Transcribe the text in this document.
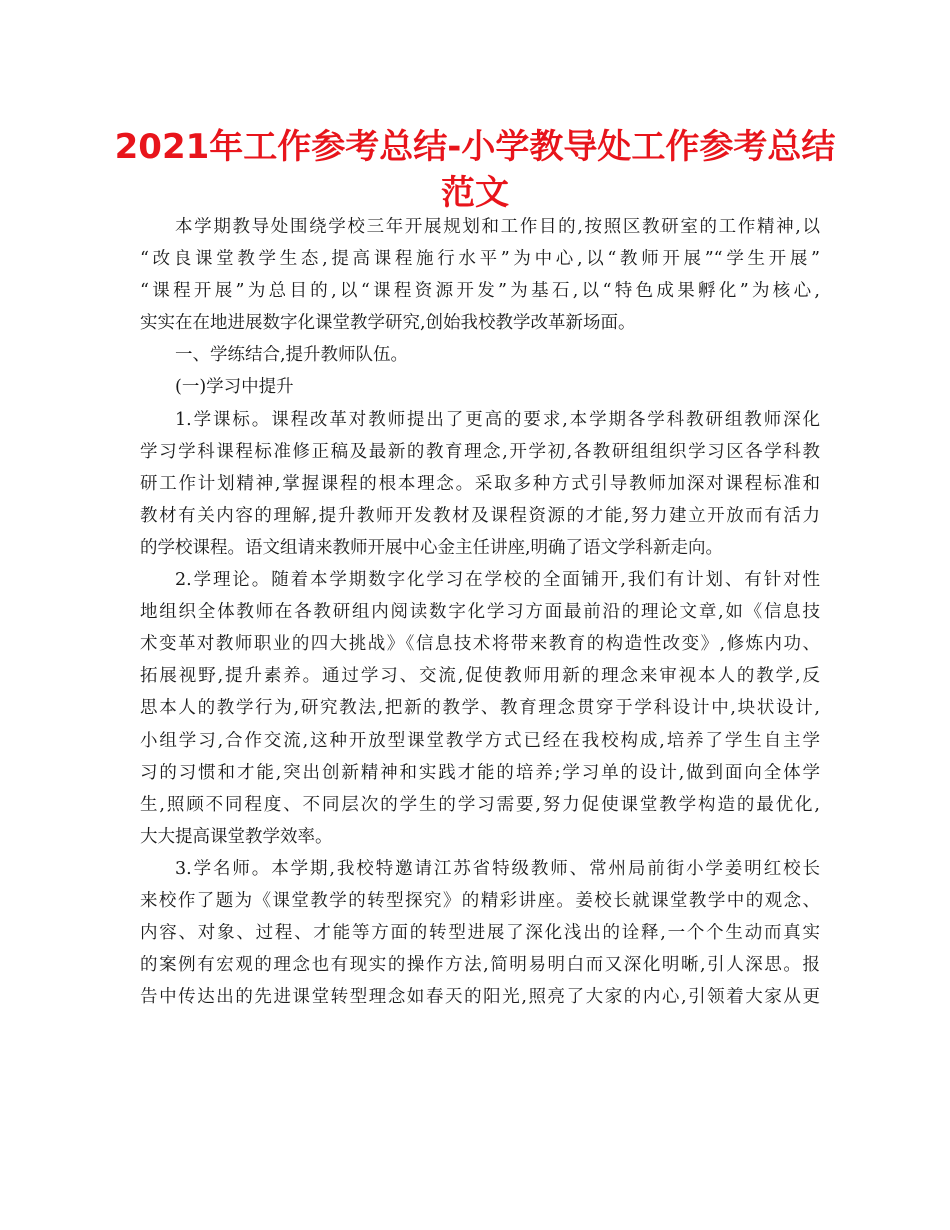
2021年工作参考总结-小学教导处工作参考总结
范文
本学期教导处围绕学校三年开展规划和工作目的,按照区教研室的工作精神,以
“改良课堂教学生态,提高课程施行水平”为中心,以“教师开展”“学生开展”
“课程开展”为总目的,以“课程资源开发”为基石,以“特色成果孵化”为核心,
实实在在地进展数字化课堂教学研究,创始我校教学改革新场面。
一、学练结合,提升教师队伍。
(一)学习中提升
1.学课标。课程改革对教师提出了更高的要求,本学期各学科教研组教师深化
学习学科课程标准修正稿及最新的教育理念,开学初,各教研组组织学习区各学科教
研工作计划精神,掌握课程的根本理念。采取多种方式引导教师加深对课程标准和
教材有关内容的理解,提升教师开发教材及课程资源的才能,努力建立开放而有活力
的学校课程。语文组请来教师开展中心金主任讲座,明确了语文学科新走向。
2.学理论。随着本学期数字化学习在学校的全面铺开,我们有计划、有针对性
地组织全体教师在各教研组内阅读数字化学习方面最前沿的理论文章,如《信息技
术变革对教师职业的四大挑战》《信息技术将带来教育的构造性改变》,修炼内功、
拓展视野,提升素养。通过学习、交流,促使教师用新的理念来审视本人的教学,反
思本人的教学行为,研究教法,把新的教学、教育理念贯穿于学科设计中,块状设计,
小组学习,合作交流,这种开放型课堂教学方式已经在我校构成,培养了学生自主学
习的习惯和才能,突出创新精神和实践才能的培养;学习单的设计,做到面向全体学
生,照顾不同程度、不同层次的学生的学习需要,努力促使课堂教学构造的最优化,
大大提高课堂教学效率。
3.学名师。本学期,我校特邀请江苏省特级教师、常州局前街小学姜明红校长
来校作了题为《课堂教学的转型探究》的精彩讲座。姜校长就课堂教学中的观念、
内容、对象、过程、才能等方面的转型进展了深化浅出的诠释,一个个生动而真实
的案例有宏观的理念也有现实的操作方法,简明易明白而又深化明晰,引人深思。报
告中传达出的先进课堂转型理念如春天的阳光,照亮了大家的内心,引领着大家从更
